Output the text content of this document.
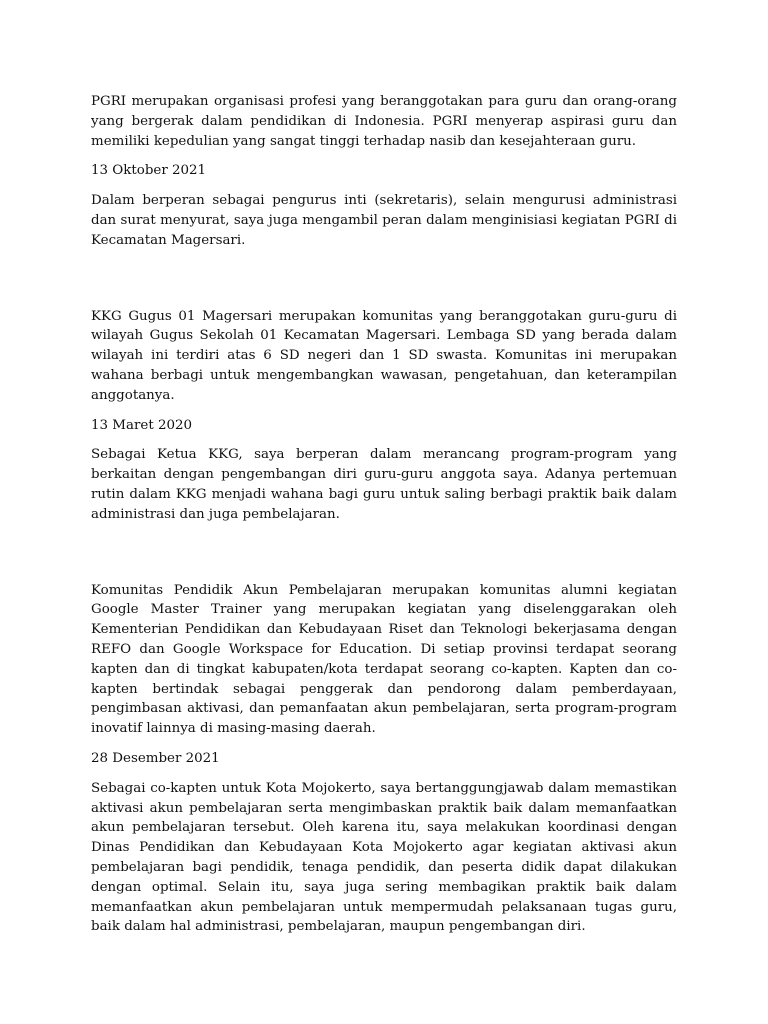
PGRI merupakan organisasi profesi yang beranggotakan para guru dan orang-orang yang bergerak dalam pendidikan di Indonesia. PGRI menyerap aspirasi guru dan memiliki kepedulian yang sangat tinggi terhadap nasib dan kesejahteraan guru.

13 Oktober 2021

Dalam berperan sebagai pengurus inti (sekretaris), selain mengurusi administrasi dan surat menyurat, saya juga mengambil peran dalam menginisiasi kegiatan PGRI di Kecamatan Magersari.

KKG Gugus 01 Magersari merupakan komunitas yang beranggotakan guru-guru di wilayah Gugus Sekolah 01 Kecamatan Magersari. Lembaga SD yang berada dalam wilayah ini terdiri atas 6 SD negeri dan 1 SD swasta. Komunitas ini merupakan wahana berbagi untuk mengembangkan wawasan, pengetahuan, dan keterampilan anggotanya.

13 Maret 2020

Sebagai Ketua KKG, saya berperan dalam merancang program-program yang berkaitan dengan pengembangan diri guru-guru anggota saya. Adanya pertemuan rutin dalam KKG menjadi wahana bagi guru untuk saling berbagi praktik baik dalam administrasi dan juga pembelajaran.

Komunitas Pendidik Akun Pembelajaran merupakan komunitas alumni kegiatan Google Master Trainer yang merupakan kegiatan yang diselenggarakan oleh Kementerian Pendidikan dan Kebudayaan Riset dan Teknologi bekerjasama dengan REFO dan Google Workspace for Education. Di setiap provinsi terdapat seorang kapten dan di tingkat kabupaten/kota terdapat seorang co-kapten. Kapten dan co-kapten bertindak sebagai penggerak dan pendorong dalam pemberdayaan, pengimbasan aktivasi, dan pemanfaatan akun pembelajaran, serta program-program inovatif lainnya di masing-masing daerah.

28 Desember 2021

Sebagai co-kapten untuk Kota Mojokerto, saya bertanggungjawab dalam memastikan aktivasi akun pembelajaran serta mengimbaskan praktik baik dalam memanfaatkan akun pembelajaran tersebut. Oleh karena itu, saya melakukan koordinasi dengan Dinas Pendidikan dan Kebudayaan Kota Mojokerto agar kegiatan aktivasi akun pembelajaran bagi pendidik, tenaga pendidik, dan peserta didik dapat dilakukan dengan optimal. Selain itu, saya juga sering membagikan praktik baik dalam memanfaatkan akun pembelajaran untuk mempermudah pelaksanaan tugas guru, baik dalam hal administrasi, pembelajaran, maupun pengembangan diri.
